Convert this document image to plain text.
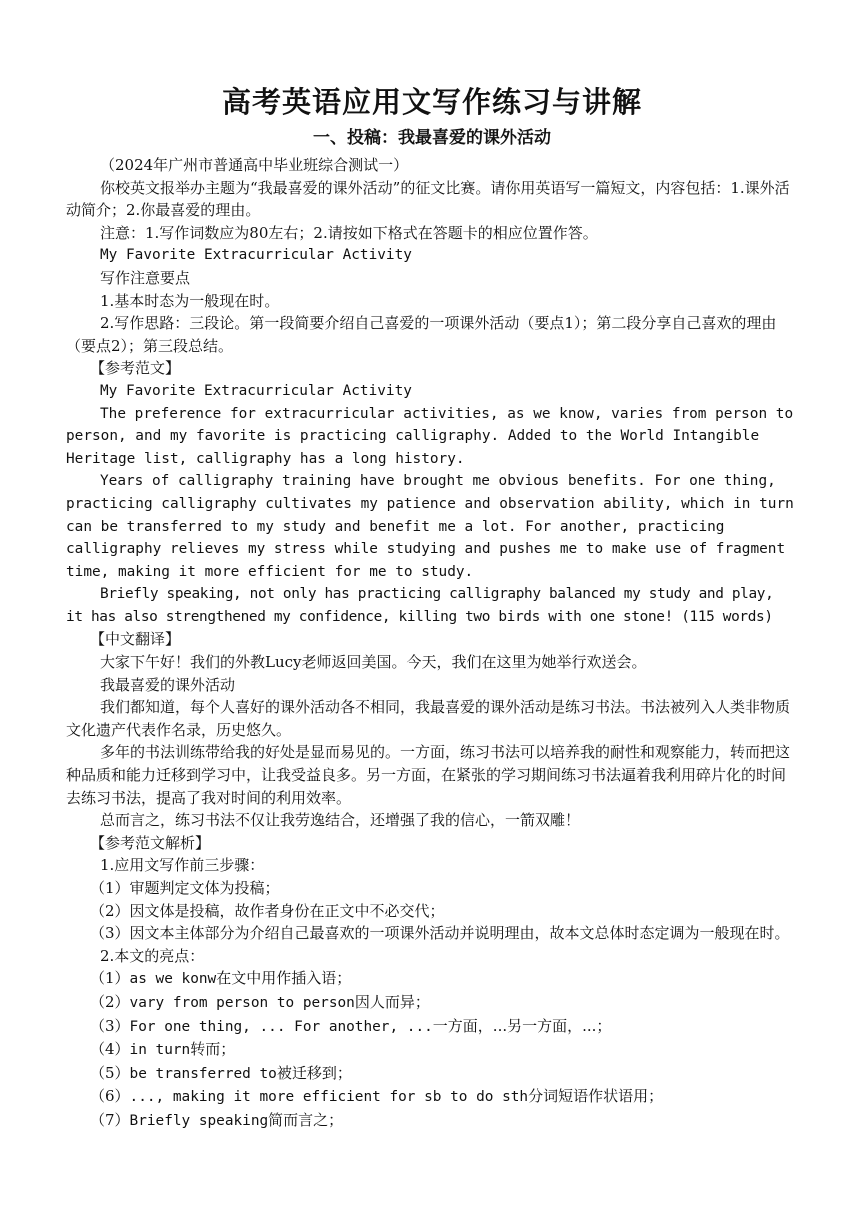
高考英语应用文写作练习与讲解
一、投稿：我最喜爱的课外活动

（2024年广州市普通高中毕业班综合测试一）

你校英文报举办主题为“我最喜爱的课外活动”的征文比赛。请你用英语写一篇短文，内容包括：1.课外活动简介；2.你最喜爱的理由。

注意：1.写作词数应为80左右；2.请按如下格式在答题卡的相应位置作答。

My Favorite Extracurricular Activity

写作注意要点

1.基本时态为一般现在时。

2.写作思路：三段论。第一段简要介绍自己喜爱的一项课外活动（要点1）；第二段分享自己喜欢的理由（要点2）；第三段总结。

【参考范文】

My Favorite Extracurricular Activity

The preference for extracurricular activities, as we know, varies from person to person, and my favorite is practicing calligraphy. Added to the World Intangible Heritage list, calligraphy has a long history.

Years of calligraphy training have brought me obvious benefits. For one thing, practicing calligraphy cultivates my patience and observation ability, which in turn can be transferred to my study and benefit me a lot. For another, practicing calligraphy relieves my stress while studying and pushes me to make use of fragment time, making it more efficient for me to study.

Briefly speaking, not only has practicing calligraphy balanced my study and play, it has also strengthened my confidence, killing two birds with one stone! (115 words)

【中文翻译】

大家下午好！我们的外教Lucy老师返回美国。今天，我们在这里为她举行欢送会。

我最喜爱的课外活动

我们都知道，每个人喜好的课外活动各不相同，我最喜爱的课外活动是练习书法。书法被列入人类非物质文化遗产代表作名录，历史悠久。

多年的书法训练带给我的好处是显而易见的。一方面，练习书法可以培养我的耐性和观察能力，转而把这种品质和能力迁移到学习中，让我受益良多。另一方面，在紧张的学习期间练习书法逼着我利用碎片化的时间去练习书法，提高了我对时间的利用效率。

总而言之，练习书法不仅让我劳逸结合，还增强了我的信心，一箭双雕！

【参考范文解析】

1.应用文写作前三步骤：

（1）审题判定文体为投稿；

（2）因文体是投稿，故作者身份在正文中不必交代；

（3）因文本主体部分为介绍自己最喜欢的一项课外活动并说明理由，故本文总体时态定调为一般现在时。

2.本文的亮点：

（1）as we konw在文中用作插入语；

（2）vary from person to person因人而异；

（3）For one thing, ... For another, ...一方面，...另一方面，...；

（4）in turn转而；

（5）be transferred to被迁移到；

（6）..., making it more efficient for sb to do sth分词短语作状语用；

（7）Briefly speaking简而言之；
